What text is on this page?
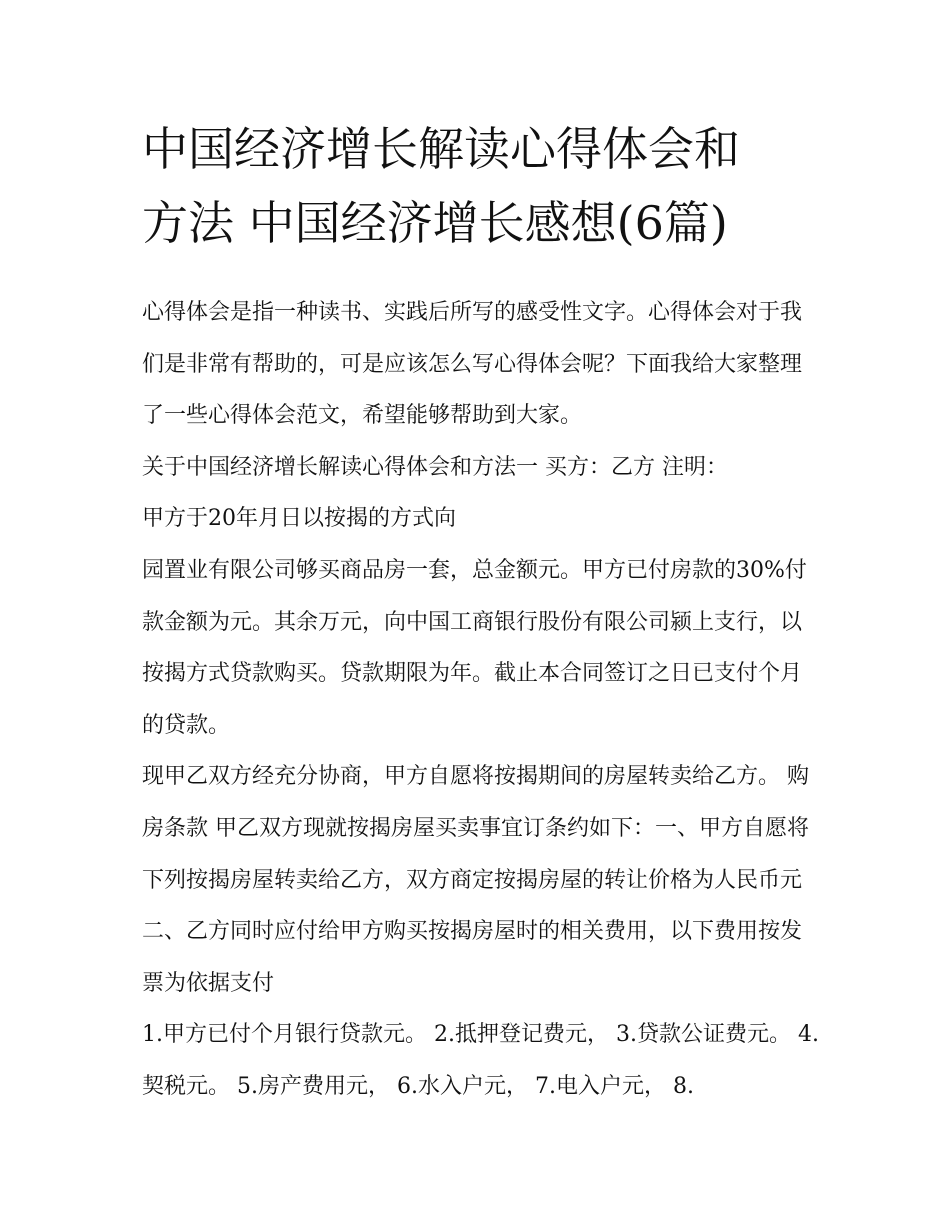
中国经济增长解读心得体会和
方法 中国经济增长感想(6篇)

心得体会是指一种读书、实践后所写的感受性文字。心得体会对于我们是非常有帮助的，可是应该怎么写心得体会呢？下面我给大家整理了一些心得体会范文，希望能够帮助到大家。

关于中国经济增长解读心得体会和方法一 买方：乙方 注明：

甲方于20年月日以按揭的方式向

园置业有限公司够买商品房一套，总金额元。甲方已付房款的30%付款金额为元。其余万元，向中国工商银行股份有限公司颍上支行，以按揭方式贷款购买。贷款期限为年。截止本合同签订之日已支付个月的贷款。

现甲乙双方经充分协商，甲方自愿将按揭期间的房屋转卖给乙方。 购房条款 甲乙双方现就按揭房屋买卖事宜订条约如下：一、甲方自愿将下列按揭房屋转卖给乙方，双方商定按揭房屋的转让价格为人民币元 二、乙方同时应付给甲方购买按揭房屋时的相关费用，以下费用按发票为依据支付

1.甲方已付个月银行贷款元。 2.抵押登记费元， 3.贷款公证费元。 4.契税元。 5.房产费用元， 6.水入户元， 7.电入户元， 8.
